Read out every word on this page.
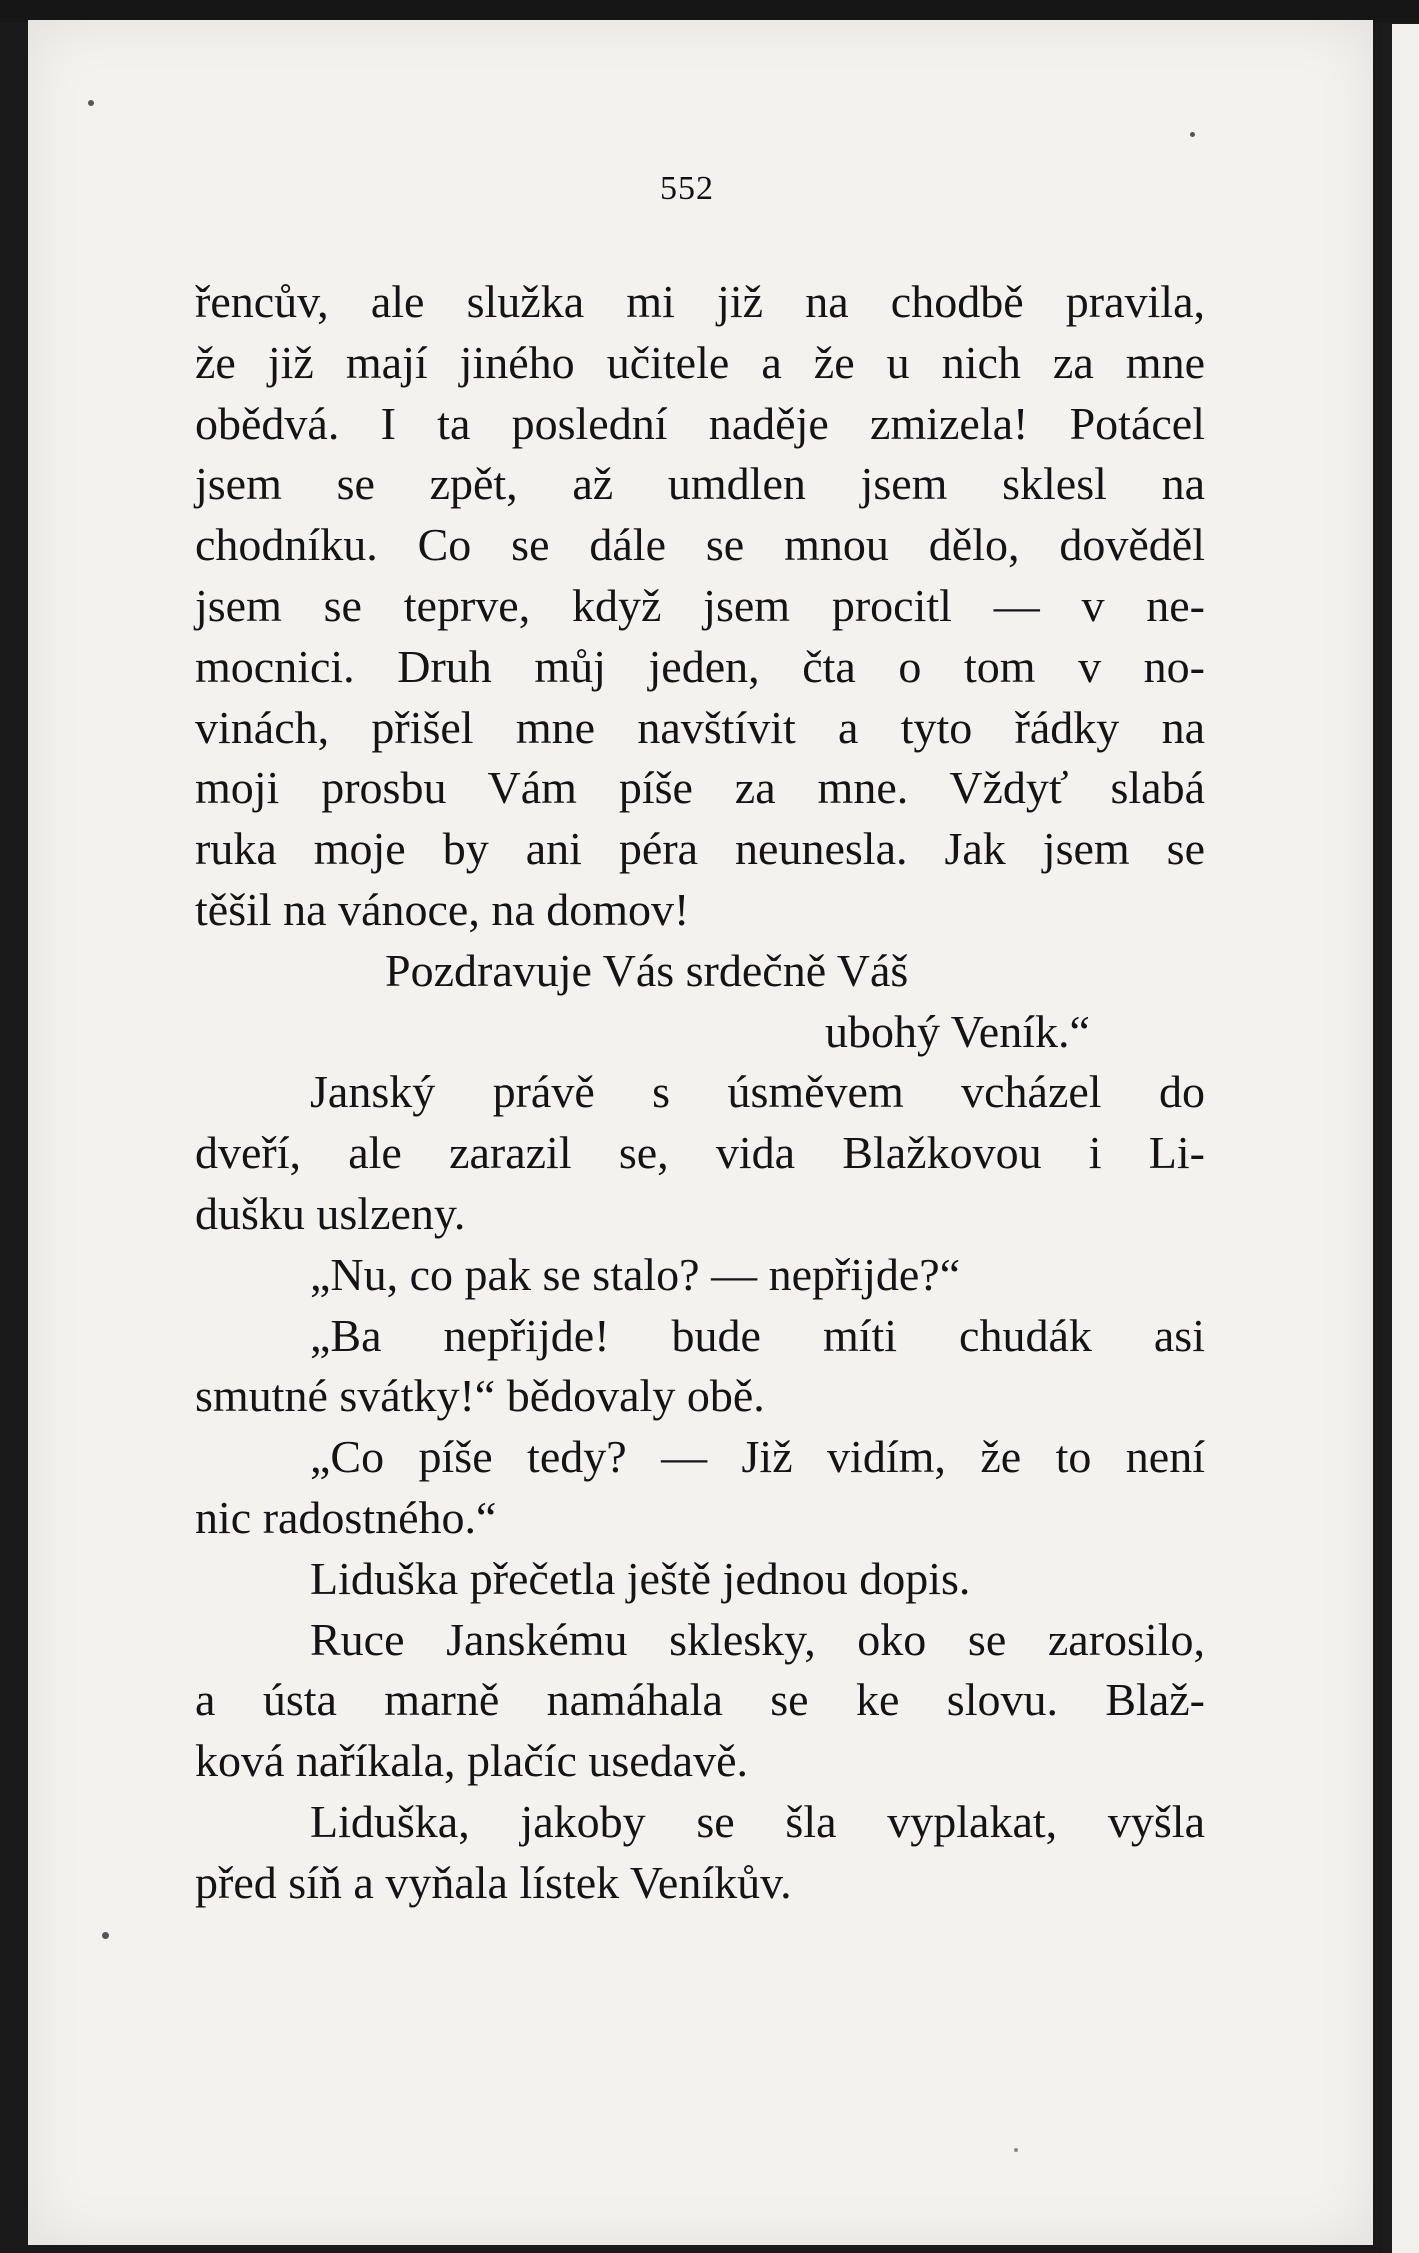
552
řencův, ale služka mi již na chodbě pravila,
že již mají jiného učitele a že u nich za mne
obědvá. I ta poslední naděje zmizela! Potácel
jsem se zpět, až umdlen jsem sklesl na
chodníku. Co se dále se mnou dělo, dověděl
jsem se teprve, když jsem procitl — v ne-
mocnici. Druh můj jeden, čta o tom v no-
vinách, přišel mne navštívit a tyto řádky na
moji prosbu Vám píše za mne. Vždyť slabá
ruka moje by ani péra neunesla. Jak jsem se
těšil na vánoce, na domov!
Pozdravuje Vás srdečně Váš
ubohý Veník.“
Janský právě s úsměvem vcházel do
dveří, ale zarazil se, vida Blažkovou i Li-
dušku uslzeny.
„Nu, co pak se stalo? — nepřijde?“
„Ba nepřijde! bude míti chudák asi
smutné svátky!“ bědovaly obě.
„Co píše tedy? — Již vidím, že to není
nic radostného.“
Liduška přečetla ještě jednou dopis.
Ruce Janskému sklesky, oko se zarosilo,
a ústa marně namáhala se ke slovu. Blaž-
ková naříkala, plačíc usedavě.
Liduška, jakoby se šla vyplakat, vyšla
před síň a vyňala lístek Veníkův.
